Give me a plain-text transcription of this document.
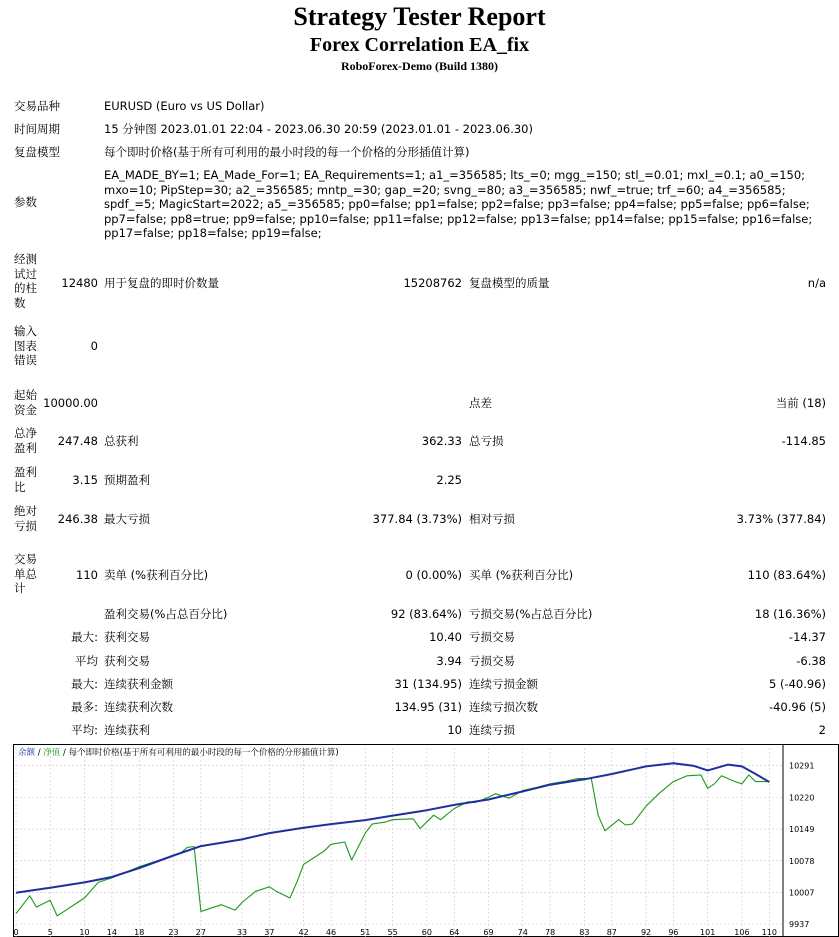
Strategy Tester Report
Forex Correlation EA_fix
RoboForex-Demo (Build 1380)
交易品种	EURUSD (Euro vs US Dollar)
时间周期	15 分钟图 2023.01.01 22:04 - 2023.06.30 20:59 (2023.01.01 - 2023.06.30)
复盘模型	每个即时价格(基于所有可利用的最小时段的每一个价格的分形插值计算)
参数
EA_MADE_BY=1; EA_Made_For=1; EA_Requirements=1; a1_=356585; lts_=0; mgg_=150; stl_=0.01; mxl_=0.1; a0_=150; mxo=10; PipStep=30; a2_=356585; mntp_=30; gap_=20; svng_=80; a3_=356585; nwf_=true; trf_=60; a4_=356585; spdf_=5; MagicStart=2022; a5_=356585; pp0=false; pp1=false; pp2=false; pp3=false; pp4=false; pp5=false; pp6=false; pp7=false; pp8=true; pp9=false; pp10=false; pp11=false; pp12=false; pp13=false; pp14=false; pp15=false; pp16=false; pp17=false; pp18=false; pp19=false;
经测
试过
的柱
数
12480 用于复盘的即时价数量	15208762 复盘模型的质量	n/a
输入
图表
错误
0
起始
资金 10000.00	点差	当前 (18)
总净
盈利	247.48 总获利	362.33 总亏损	-114.85
盈利
比	3.15 预期盈利	2.25
绝对
亏损	246.38 最大亏损	377.84 (3.73%) 相对亏损	3.73% (377.84)
交易
单总
计
110 卖单 (%获利百分比)	0 (0.00%) 买单 (%获利百分比)	110 (83.64%)
盈利交易(%占总百分比)	92 (83.64%) 亏损交易(%占总百分比)	18 (16.36%)
最大: 获利交易	10.40 亏损交易	-14.37
平均 获利交易	3.94 亏损交易	-6.38
最大: 连续获利金额	31 (134.95) 连续亏损金额	5 (-40.96)
最多: 连续获利次数	134.95 (31) 连续亏损次数	-40.96 (5)
平均: 连续获利	10 连续亏损	2
0	5	10 14 18	23 27	33 37	42 46	51 55	60 64	69	74 78	83 87	92 96	101 106 110
9937
10007
10078
10149
10220
10291
余额 / 净值 / 每个即时价格(基于所有可利用的最小时段的每一个价格的分形插值计算)
